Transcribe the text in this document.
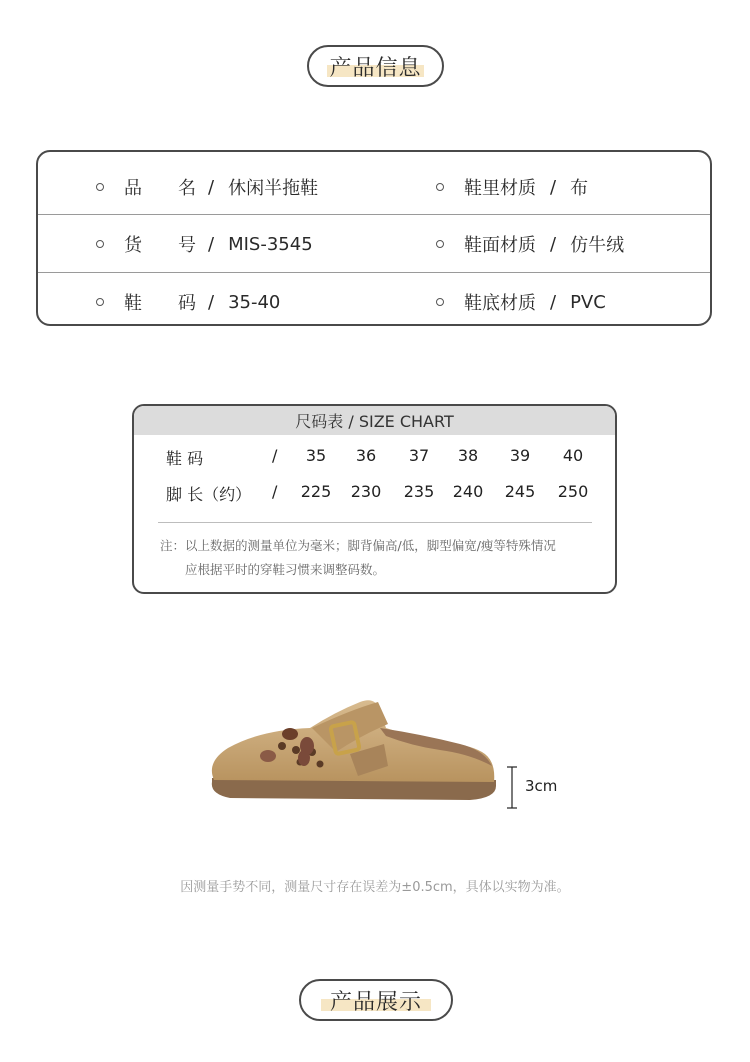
产品信息
品　　名 / 休闲半拖鞋	鞋里材质 / 布
货　　号 / MIS-3545	鞋面材质 / 仿牛绒
鞋　　码 / 35-40	鞋底材质 / PVC
尺码表 / SIZE CHART
鞋 码	/	35	36	37	38	39	40
脚 长（约） / 225 230 235 240 245 250
注：以上数据的测量单位为毫米；脚背偏高/低，脚型偏宽/瘦等特殊情况
应根据平时的穿鞋习惯来调整码数。
3cm
因测量手势不同，测量尺寸存在误差为±0.5cm，具体以实物为准。
产品展示
